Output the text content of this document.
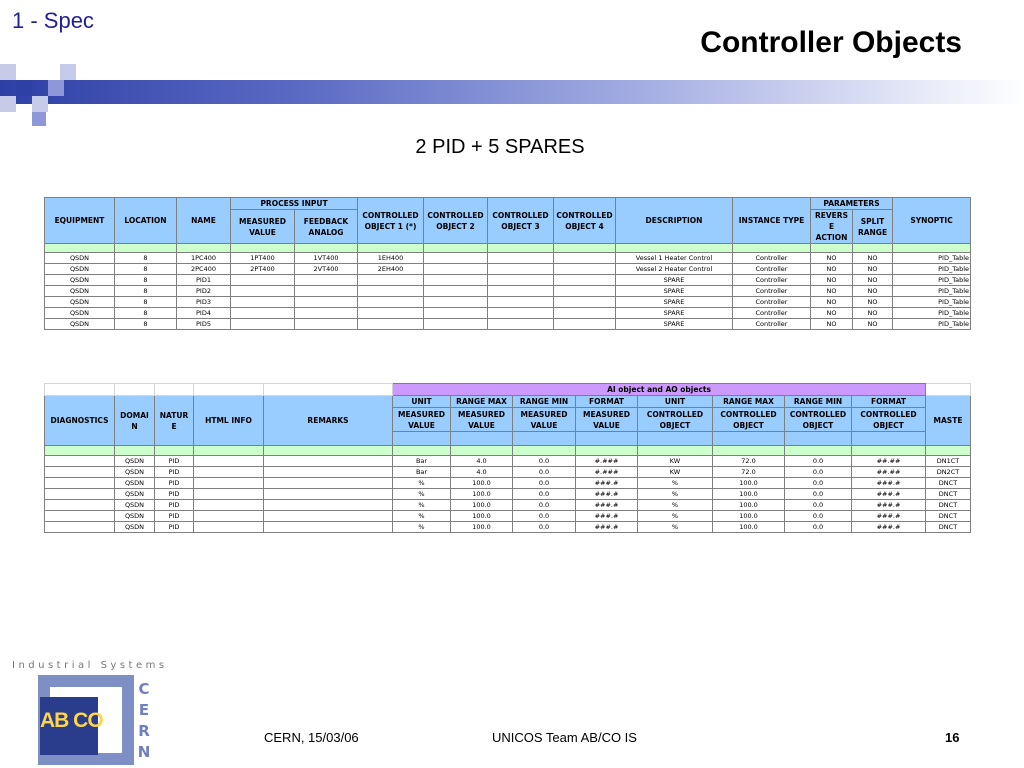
1 - Spec
Controller Objects
2 PID + 5 SPARES
EQUIPMENT	LOCATION	NAME	PROCESS INPUT		CONTROLLED OBJECT 1 (*)	CONTROLLED OBJECT 2	CONTROLLED OBJECT 3	CONTROLLED OBJECT 4	DESCRIPTION	INSTANCE TYPE	PARAMETERS		SYNOPTIC
			MEASURED VALUE	FEEDBACK ANALOG							REVERS E ACTION	SPLIT RANGE	

QSDN	8	1PC400	1PT400	1VT400	1EH400				Vessel 1 Heater Control	Controller	NO	NO	PID_Table
QSDN	8	2PC400	2PT400	2VT400	2EH400				Vessel 2 Heater Control	Controller	NO	NO	PID_Table
QSDN	8	PID1							SPARE	Controller	NO	NO	PID_Table
QSDN	8	PID2							SPARE	Controller	NO	NO	PID_Table
QSDN	8	PID3							SPARE	Controller	NO	NO	PID_Table
QSDN	8	PID4							SPARE	Controller	NO	NO	PID_Table
QSDN	8	PID5							SPARE	Controller	NO	NO	PID_Table
					AI object and AO objects								
DIAGNOSTICS	DOMAI N	NATUR E	HTML INFO	REMARKS	UNIT	RANGE MAX	RANGE MIN	FORMAT	UNIT	RANGE MAX	RANGE MIN	FORMAT	MASTE
					MEASURED VALUE	MEASURED VALUE	MEASURED VALUE	MEASURED VALUE	CONTROLLED OBJECT	CONTROLLED OBJECT	CONTROLLED OBJECT	CONTROLLED OBJECT	

	QSDN	PID			Bar	4.0	0.0	#.###	KW	72.0	0.0	##.##	DN1CT
	QSDN	PID			Bar	4.0	0.0	#.###	KW	72.0	0.0	##.##	DN2CT
	QSDN	PID			%	100.0	0.0	###.#	%	100.0	0.0	###.#	DNCT
	QSDN	PID			%	100.0	0.0	###.#	%	100.0	0.0	###.#	DNCT
	QSDN	PID			%	100.0	0.0	###.#	%	100.0	0.0	###.#	DNCT
	QSDN	PID			%	100.0	0.0	###.#	%	100.0	0.0	###.#	DNCT
	QSDN	PID			%	100.0	0.0	###.#	%	100.0	0.0	###.#	DNCT
Industrial Systems
AB CO
CERN
CERN, 15/03/06	UNICOS Team AB/CO IS	16
